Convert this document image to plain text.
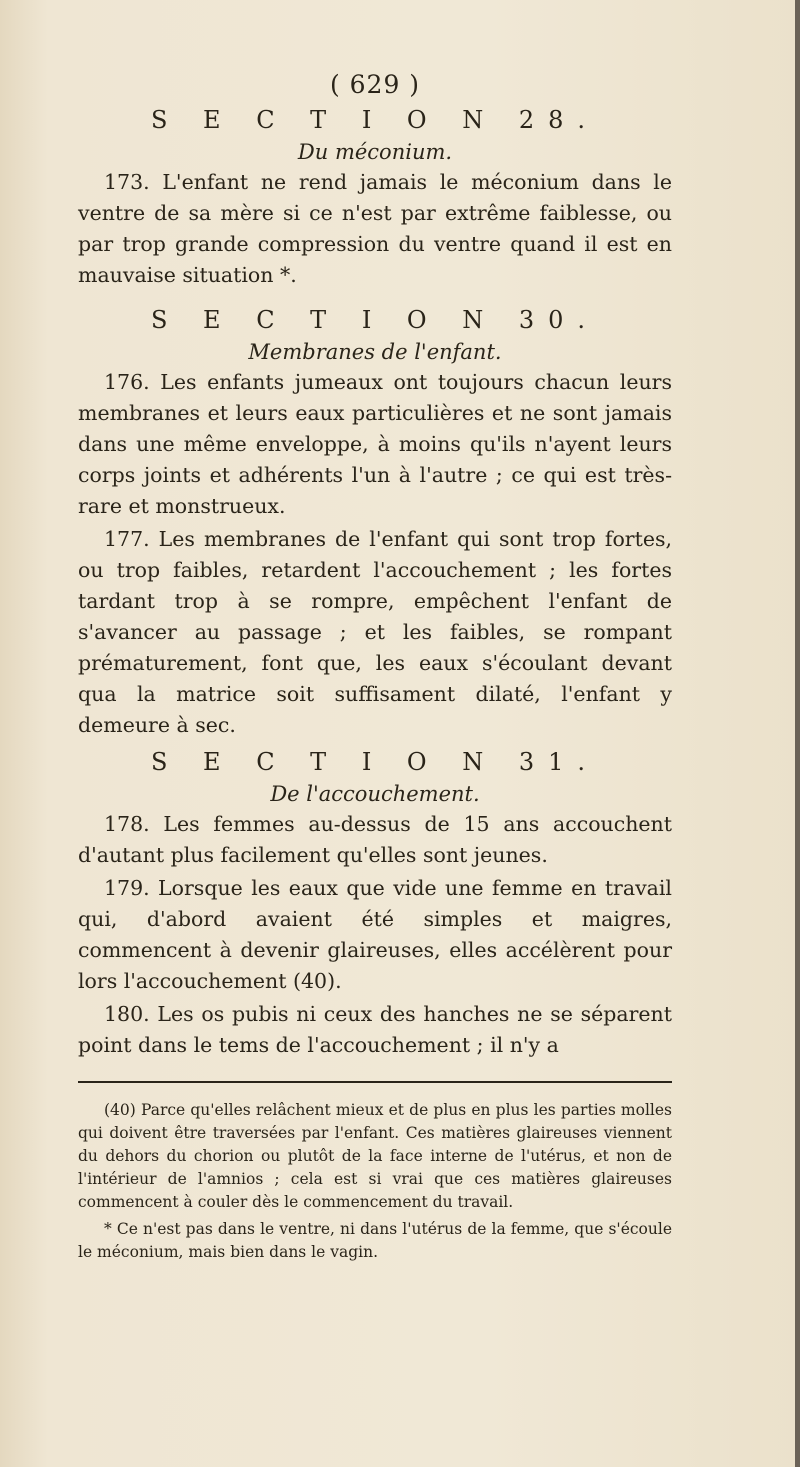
( 629 )
S E C T I O N 28.
Du méconium.

173. L'enfant ne rend jamais le méconium dans le ventre de sa mère si ce n'est par extrême faiblesse, ou par trop grande compression du ventre quand il est en mauvaise situation *.

S E C T I O N 30.
Membranes de l'enfant.

176. Les enfants jumeaux ont toujours chacun leurs membranes et leurs eaux particulières et ne sont jamais dans une même enveloppe, à moins qu'ils n'ayent leurs corps joints et adhérents l'un à l'autre ; ce qui est très-rare et monstrueux.

177. Les membranes de l'enfant qui sont trop fortes, ou trop faibles, retardent l'accouchement ; les fortes tardant trop à se rompre, empêchent l'enfant de s'avancer au passage ; et les faibles, se rompant prématurement, font que, les eaux s'écoulant devant qua la matrice soit suffisament dilaté, l'enfant y demeure à sec.

S E C T I O N 31.
De l'accouchement.

178. Les femmes au-dessus de 15 ans accouchent d'autant plus facilement qu'elles sont jeunes.

179. Lorsque les eaux que vide une femme en travail qui, d'abord avaient été simples et maigres, commencent à devenir glaireuses, elles accélèrent pour lors l'accouchement (40).

180. Les os pubis ni ceux des hanches ne se séparent point dans le tems de l'accouchement ; il n'y a

(40) Parce qu'elles relâchent mieux et de plus en plus les parties molles qui doivent être traversées par l'enfant. Ces matières glaireuses viennent du dehors du chorion ou plutôt de la face interne de l'utérus, et non de l'intérieur de l'amnios ; cela est si vrai que ces matières glaireuses commencent à couler dès le commencement du travail.

* Ce n'est pas dans le ventre, ni dans l'utérus de la femme, que s'écoule le méconium, mais bien dans le vagin.
